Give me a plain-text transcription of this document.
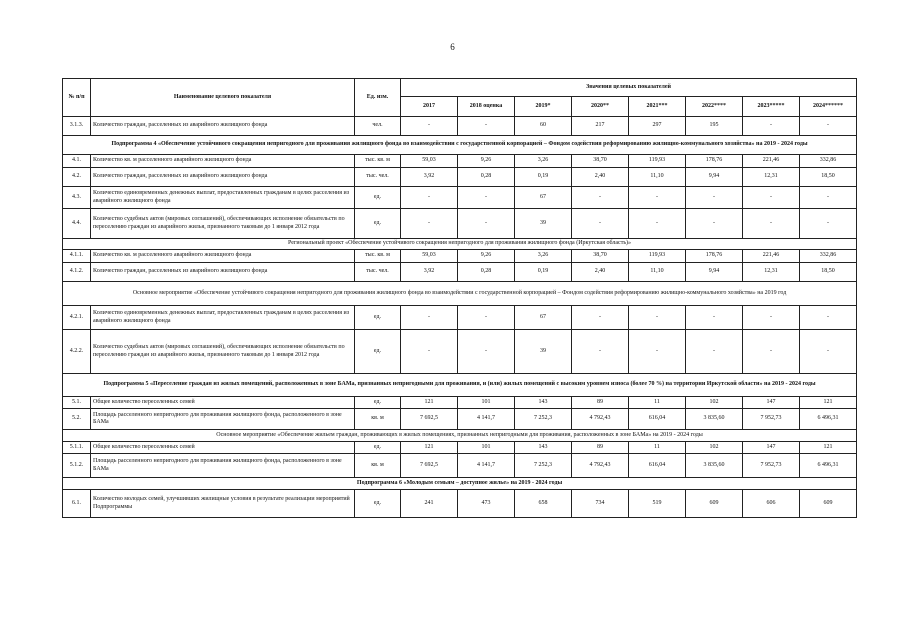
6
№ п/п	Наименование целевого показателя	Ед. изм.	Значения целевых показателей							
			2017	2018 оценка	2019*	2020**	2021***	2022****	2023*****	2024******
3.1.3.	Количество граждан, расселенных из аварийного жилищного фонда	чел.	-	-	60	217	297	195	-	-
Подпрограмма 4 «Обеспечение устойчивого сокращения непригодного для проживания жилищного фонда во взаимодействии с государственной корпорацией – Фондом содействия реформированию жилищно-коммунального хозяйства» на 2019 - 2024 годы										
4.1.	Количество кв. м расселенного аварийного жилищного фонда	тыс. кв. м	59,03	9,26	3,26	38,70	119,93	178,76	221,46	332,86
4.2.	Количество граждан, расселенных из аварийного жилищного фонда	тыс. чел.	3,92	0,28	0,19	2,40	11,10	9,94	12,31	18,50
4.3.	Количество единовременных денежных выплат, предоставленных гражданам в целях расселения из аварийного жилищного фонда	ед.	-	-	67	-	-	-	-	-
4.4.	Количество судебных актов (мировых соглашений), обеспечивающих исполнение обязательств по переселению граждан из аварийного жилья, признанного таковым до 1 января 2012 года	ед.	-	-	39	-	-	-	-	-
Региональный проект «Обеспечение устойчивого сокращения непригодного для проживания жилищного фонда (Иркутская область)»										
4.1.1.	Количество кв. м расселенного аварийного жилищного фонда	тыс. кв. м	59,03	9,26	3,26	38,70	119,93	178,76	221,46	332,86
4.1.2.	Количество граждан, расселенных из аварийного жилищного фонда	тыс. чел.	3,92	0,28	0,19	2,40	11,10	9,94	12,31	18,50
Основное мероприятие «Обеспечение устойчивого сокращения непригодного для проживания жилищного фонда во взаимодействии с государственной корпорацией – Фондом содействия реформированию жилищно-коммунального хозяйства» на 2019 год										
4.2.1.	Количество единовременных денежных выплат, предоставленных гражданам в целях расселения из аварийного жилищного фонда	ед.	-	-	67	-	-	-	-	-
4.2.2.	Количество судебных актов (мировых соглашений), обеспечивающих исполнение обязательств по переселению граждан из аварийного жилья, признанного таковым до 1 января 2012 года	ед.	-	-	39	-	-	-	-	-
Подпрограмма 5 «Переселение граждан из жилых помещений, расположенных в зоне БАМа, признанных непригодными для проживания, и (или) жилых помещений с высоким уровнем износа (более 70 %) на территории Иркутской области» на 2019 - 2024 годы										
5.1.	Общее количество переселенных семей	ед.	121	101	143	89	11	102	147	121
5.2.	Площадь расселенного непригодного для проживания жилищного фонда, расположенного в зоне БАМа	кв. м	7 692,5	4 141,7	7 252,3	4 792,43	616,04	3 835,60	7 952,73	6 496,31
Основное мероприятие «Обеспечение жильем граждан, проживающих в жилых помещениях, признанных непригодными для проживания, расположенных в зоне БАМа» на 2019 - 2024 годы										
5.1.1.	Общее количество переселенных семей	ед.	121	101	143	89	11	102	147	121
5.1.2.	Площадь расселенного непригодного для проживания жилищного фонда, расположенного в зоне БАМа	кв. м	7 692,5	4 141,7	7 252,3	4 792,43	616,04	3 835,60	7 952,73	6 496,31
Подпрограмма 6 «Молодым семьям – доступное жилье» на 2019 - 2024 годы										
6.1.	Количество молодых семей, улучшивших жилищные условия в результате реализации мероприятий Подпрограммы	ед.	241	473	658	734	519	609	606	609
